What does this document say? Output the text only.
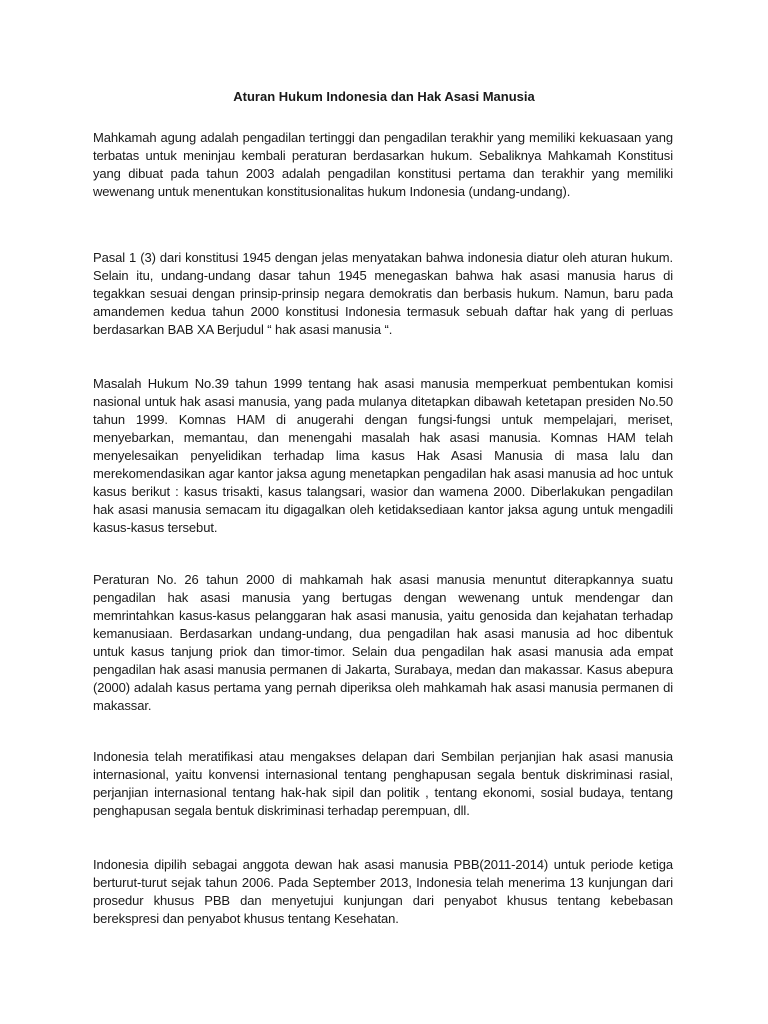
Aturan Hukum Indonesia dan Hak Asasi Manusia

Mahkamah agung adalah pengadilan tertinggi dan pengadilan terakhir yang memiliki kekuasaan yang terbatas untuk meninjau kembali peraturan berdasarkan hukum. Sebaliknya Mahkamah Konstitusi yang dibuat pada tahun 2003 adalah pengadilan konstitusi pertama dan terakhir yang memiliki wewenang untuk menentukan konstitusionalitas hukum Indonesia (undang-undang).

Pasal 1 (3) dari konstitusi 1945 dengan jelas menyatakan bahwa indonesia diatur oleh aturan hukum. Selain itu, undang-undang dasar tahun 1945 menegaskan bahwa hak asasi manusia harus di tegakkan sesuai dengan prinsip-prinsip negara demokratis dan berbasis hukum. Namun, baru pada amandemen kedua tahun 2000 konstitusi Indonesia termasuk sebuah daftar hak yang di perluas berdasarkan BAB XA Berjudul “ hak asasi manusia “.

Masalah Hukum No.39 tahun 1999 tentang hak asasi manusia memperkuat pembentukan komisi nasional untuk hak asasi manusia, yang pada mulanya ditetapkan dibawah ketetapan presiden No.50 tahun 1999. Komnas HAM di anugerahi dengan fungsi-fungsi untuk mempelajari, meriset, menyebarkan, memantau, dan menengahi masalah hak asasi manusia. Komnas HAM telah menyelesaikan penyelidikan terhadap lima kasus Hak Asasi Manusia di masa lalu dan merekomendasikan agar kantor jaksa agung menetapkan pengadilan hak asasi manusia ad hoc untuk kasus berikut : kasus trisakti, kasus talangsari, wasior dan wamena 2000. Diberlakukan pengadilan hak asasi manusia semacam itu digagalkan oleh ketidaksediaan kantor jaksa agung untuk mengadili kasus-kasus tersebut.

Peraturan No. 26 tahun 2000 di mahkamah hak asasi manusia menuntut diterapkannya suatu pengadilan hak asasi manusia yang bertugas dengan wewenang untuk mendengar dan memrintahkan kasus-kasus pelanggaran hak asasi manusia, yaitu genosida dan kejahatan terhadap kemanusiaan. Berdasarkan undang-undang, dua pengadilan hak asasi manusia ad hoc dibentuk untuk kasus tanjung priok dan timor-timor. Selain dua pengadilan hak asasi manusia ada empat pengadilan hak asasi manusia permanen di Jakarta, Surabaya, medan dan makassar. Kasus abepura (2000) adalah kasus pertama yang pernah diperiksa oleh mahkamah hak asasi manusia permanen di makassar.

Indonesia telah meratifikasi atau mengakses delapan dari Sembilan perjanjian hak asasi manusia internasional, yaitu konvensi internasional tentang penghapusan segala bentuk diskriminasi rasial, perjanjian internasional tentang hak-hak sipil dan politik , tentang ekonomi, sosial budaya, tentang penghapusan segala bentuk diskriminasi terhadap perempuan, dll.

Indonesia dipilih sebagai anggota dewan hak asasi manusia PBB(2011-2014) untuk periode ketiga berturut-turut sejak tahun 2006. Pada September 2013, Indonesia telah menerima 13 kunjungan dari prosedur khusus PBB dan menyetujui kunjungan dari penyabot khusus tentang kebebasan berekspresi dan penyabot khusus tentang Kesehatan.
